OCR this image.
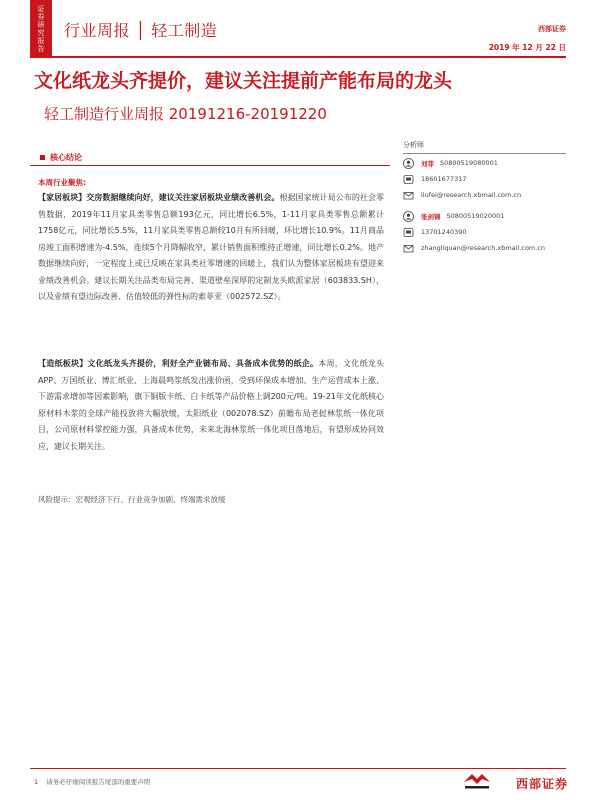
证
券
研
究
报
告
行业周报 │ 轻工制造	西部证券
2019 年 12 月 22 日
文化纸龙头齐提价，建议关注提前产能布局的龙头
轻工制造行业周报 20191216-20191220
分析师
刘菲 S0800519080001
18601677317
liufei@research.xbmail.com.cn
张剑锦 S0800519020001
13701240390
zhangliquan@research.xbmail.com.cn
核心结论
本周行业聚焦:
【家居板块】交房数据继续向好，建议关注家居板块业绩改善机会。根据国家统计局公布的社会零售数据，2019年11月家具类零售总额193亿元，同比增长6.5%，1-11月家具类零售总额累计1758亿元，同比增长5.5%，11月家具类零售总额较10月有所回暖，环比增长10.9%。11月商品房竣工面积增速为-4.5%，连续5个月降幅收窄，累计销售面积维持正增速，同比增长0.2%。地产数据继续向好，一定程度上或已反映在家具类社零增速的回暖上，我们认为整体家居板块有望迎来业绩改善机会。建议长期关注品类布局完善、渠道壁垒深厚的定制龙头欧派家居（603833.SH），以及业绩有望边际改善、估值较低的弹性标的索菲亚（002572.SZ）。
【造纸板块】文化纸龙头齐提价，利好全产业链布局、具备成本优势的纸企。本周，文化纸龙头APP、万国纸业、博汇纸业、上海晨鸣浆纸发出涨价函，受到环保成本增加、生产运营成本上涨、下游需求增加等因素影响，旗下铜版卡纸、白卡纸等产品价格上调200元/吨。19-21年文化纸核心原材料木浆的全球产能投放将大幅放缓，太阳纸业（002078.SZ）前瞻布局老挝林浆纸一体化项目，公司原材料掌控能力强，具备成本优势，未来北海林浆纸一体化项目落地后，有望形成协同效应，建议长期关注。
风险提示：宏观经济下行、行业竞争加剧、终端需求放缓
1 请务必仔细阅读报告尾部的重要声明	西部证券
